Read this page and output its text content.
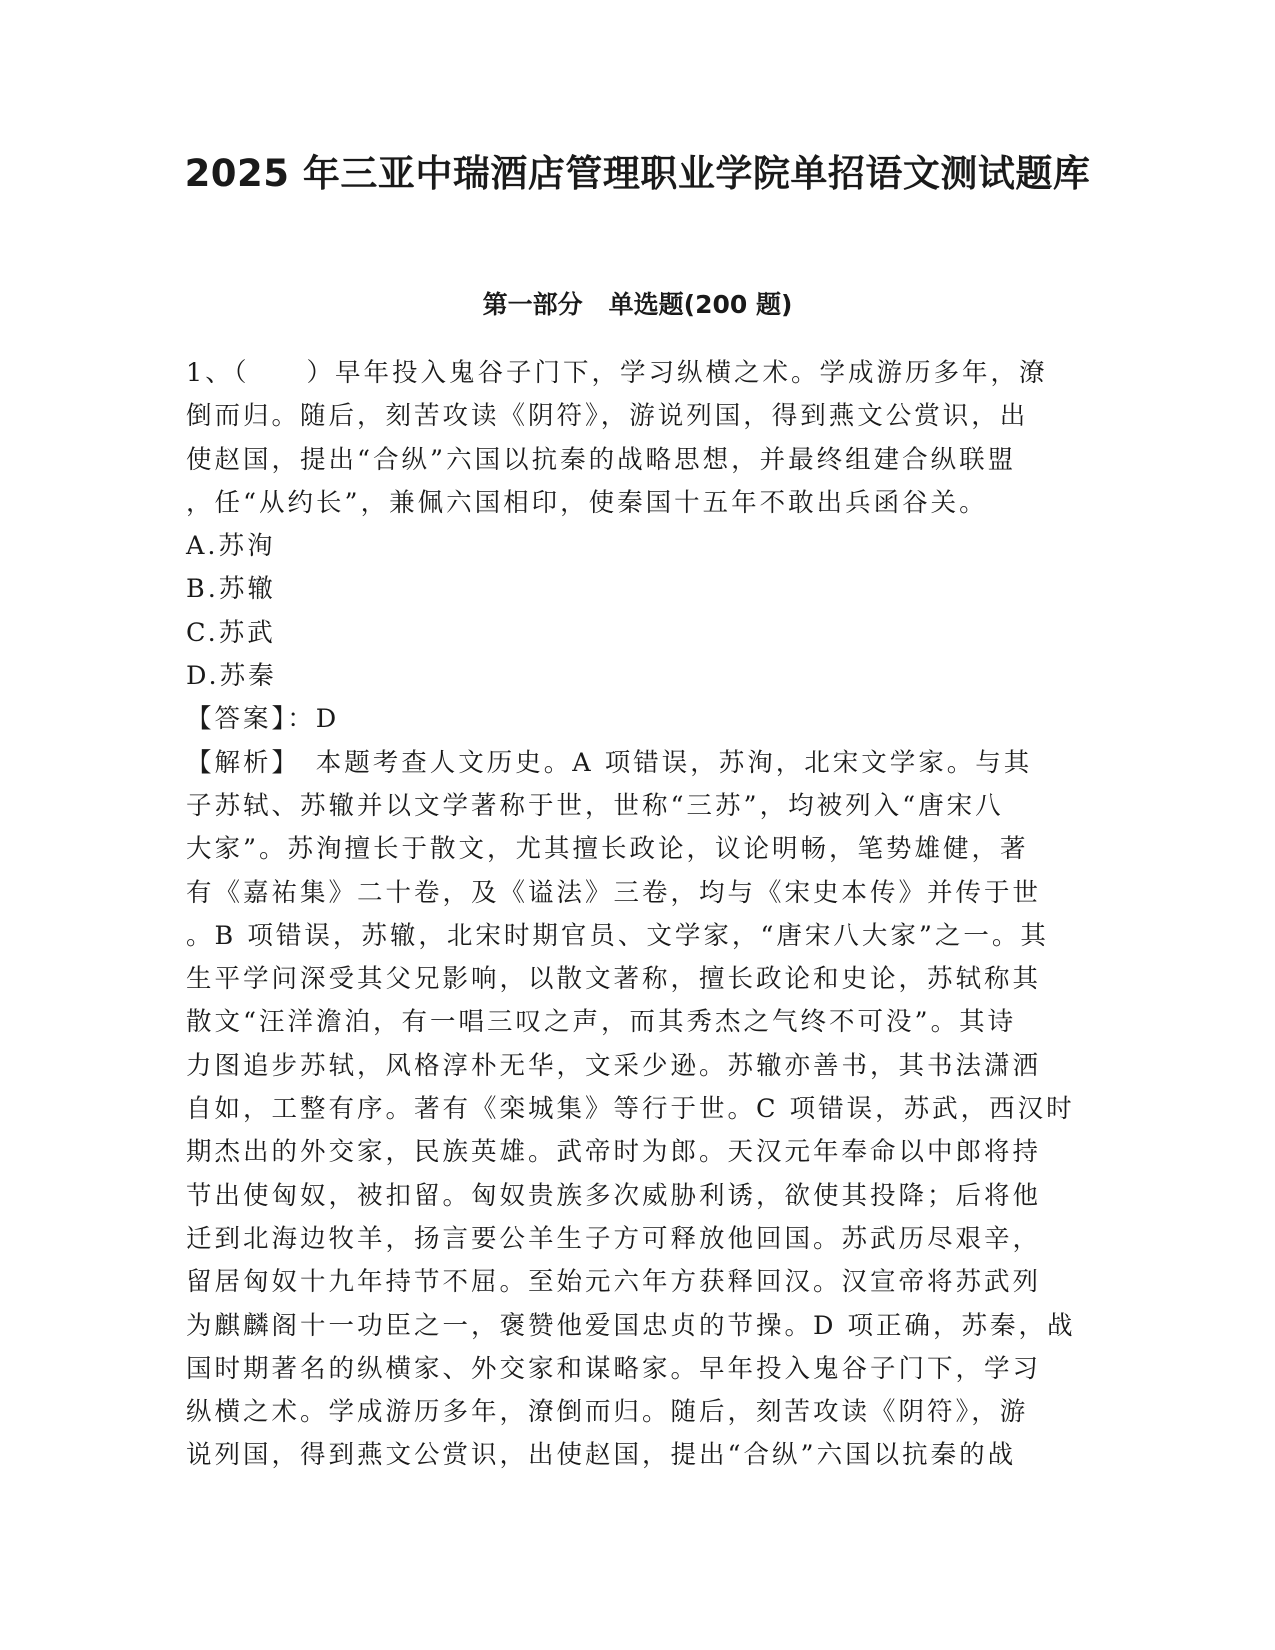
2025 年三亚中瑞酒店管理职业学院单招语文测试题库
第一部分   单选题(200 题)
1、（　　）早年投入鬼谷子门下，学习纵横之术。学成游历多年，潦
倒而归。随后，刻苦攻读《阴符》，游说列国，得到燕文公赏识，出
使赵国，提出“合纵”六国以抗秦的战略思想，并最终组建合纵联盟
，任“从约长”，兼佩六国相印，使秦国十五年不敢出兵函谷关。
A.苏洵
B.苏辙
C.苏武
D.苏秦
【答案】：D
【解析】　本题考查人文历史。A 项错误，苏洵，北宋文学家。与其
子苏轼、苏辙并以文学著称于世，世称“三苏”，均被列入“唐宋八
大家”。苏洵擅长于散文，尤其擅长政论，议论明畅，笔势雄健，著
有《嘉祐集》二十卷，及《谥法》三卷，均与《宋史本传》并传于世
。B 项错误，苏辙，北宋时期官员、文学家，“唐宋八大家”之一。其
生平学问深受其父兄影响，以散文著称，擅长政论和史论，苏轼称其
散文“汪洋澹泊，有一唱三叹之声，而其秀杰之气终不可没”。其诗
力图追步苏轼，风格淳朴无华，文采少逊。苏辙亦善书，其书法潇洒
自如，工整有序。著有《栾城集》等行于世。C 项错误，苏武，西汉时
期杰出的外交家，民族英雄。武帝时为郎。天汉元年奉命以中郎将持
节出使匈奴，被扣留。匈奴贵族多次威胁利诱，欲使其投降；后将他
迁到北海边牧羊，扬言要公羊生子方可释放他回国。苏武历尽艰辛，
留居匈奴十九年持节不屈。至始元六年方获释回汉。汉宣帝将苏武列
为麒麟阁十一功臣之一，褒赞他爱国忠贞的节操。D 项正确，苏秦，战
国时期著名的纵横家、外交家和谋略家。早年投入鬼谷子门下，学习
纵横之术。学成游历多年，潦倒而归。随后，刻苦攻读《阴符》，游
说列国，得到燕文公赏识，出使赵国，提出“合纵”六国以抗秦的战
